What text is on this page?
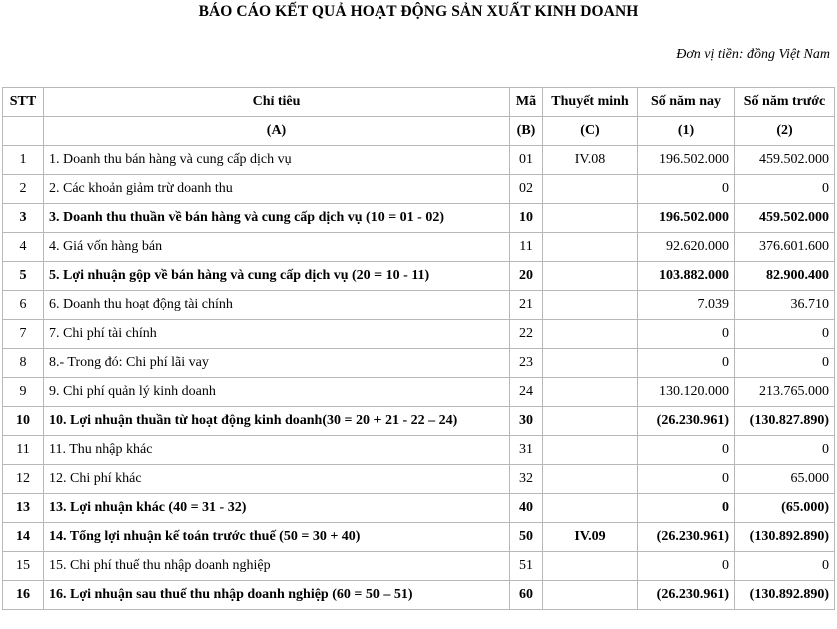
BÁO CÁO KẾT QUẢ HOẠT ĐỘNG SẢN XUẤT KINH DOANH
Đơn vị tiền: đồng Việt Nam
STT	Chỉ tiêu	Mã	Thuyết minh	Số năm nay	Số năm trước
	(A)	(B)	(C)	(1)	(2)
1	1. Doanh thu bán hàng và cung cấp dịch vụ	01	IV.08	196.502.000	459.502.000
2	2. Các khoản giảm trừ doanh thu	02		0	0
3	3. Doanh thu thuần về bán hàng và cung cấp dịch vụ (10 = 01 - 02)	10		196.502.000	459.502.000
4	4. Giá vốn hàng bán	11		92.620.000	376.601.600
5	5. Lợi nhuận gộp về bán hàng và cung cấp dịch vụ (20 = 10 - 11)	20		103.882.000	82.900.400
6	6. Doanh thu hoạt động tài chính	21		7.039	36.710
7	7. Chi phí tài chính	22		0	0
8	8.- Trong đó: Chi phí lãi vay	23		0	0
9	9. Chi phí quản lý kinh doanh	24		130.120.000	213.765.000
10	10. Lợi nhuận thuần từ hoạt động kinh doanh(30 = 20 + 21 - 22 – 24)	30		(26.230.961)	(130.827.890)
11	11. Thu nhập khác	31		0	0
12	12. Chi phí khác	32		0	65.000
13	13. Lợi nhuận khác (40 = 31 - 32)	40		0	(65.000)
14	14. Tổng lợi nhuận kế toán trước thuế (50 = 30 + 40)	50	IV.09	(26.230.961)	(130.892.890)
15	15. Chi phí thuế thu nhập doanh nghiệp	51		0	0
16	16. Lợi nhuận sau thuế thu nhập doanh nghiệp (60 = 50 – 51)	60		(26.230.961)	(130.892.890)
